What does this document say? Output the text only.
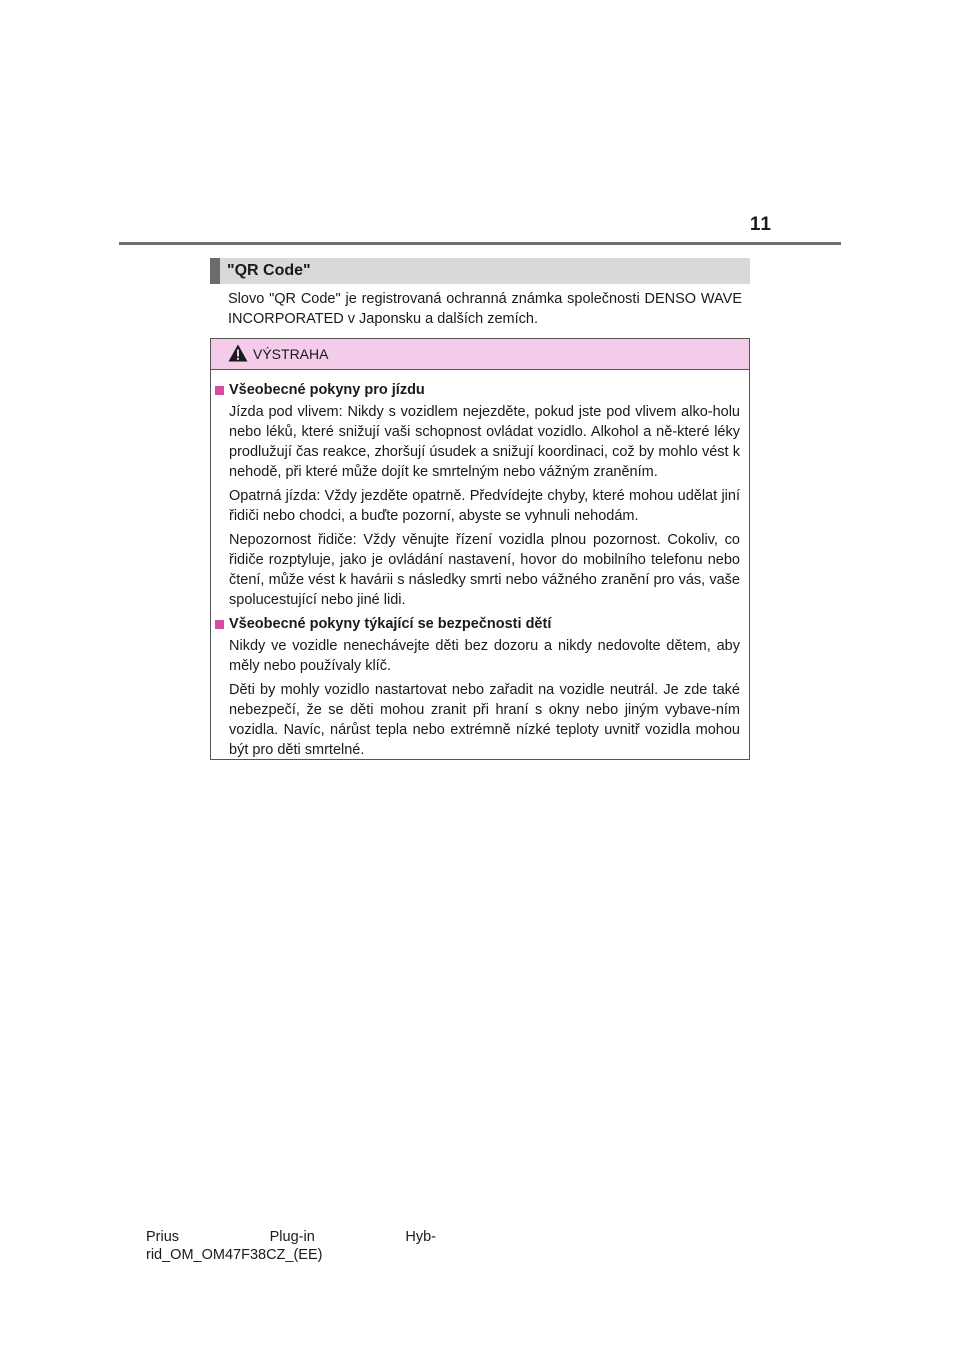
11
"QR Code"

Slovo "QR Code" je registrovaná ochranná známka společnosti DENSO WAVE INCORPORATED v Japonsku a dalších zemích.

VÝSTRAHA
Všeobecné pokyny pro jízdu

Jízda pod vlivem: Nikdy s vozidlem nejezděte, pokud jste pod vlivem alko-holu nebo léků, které snižují vaši schopnost ovládat vozidlo. Alkohol a ně-které léky prodlužují čas reakce, zhoršují úsudek a snižují koordinaci, což by mohlo vést k nehodě, při které může dojít ke smrtelným nebo vážným zraněním.

Opatrná jízda: Vždy jezděte opatrně. Předvídejte chyby, které mohou udělat jiní řidiči nebo chodci, a buďte pozorní, abyste se vyhnuli nehodám.

Nepozornost řidiče: Vždy věnujte řízení vozidla plnou pozornost. Cokoliv, co řidiče rozptyluje, jako je ovládání nastavení, hovor do mobilního telefonu nebo čtení, může vést k havárii s následky smrti nebo vážného zranění pro vás, vaše spolucestující nebo jiné lidi.

Všeobecné pokyny týkající se bezpečnosti dětí

Nikdy ve vozidle nenechávejte děti bez dozoru a nikdy nedovolte dětem, aby měly nebo používaly klíč.

Děti by mohly vozidlo nastartovat nebo zařadit na vozidle neutrál. Je zde také nebezpečí, že se děti mohou zranit při hraní s okny nebo jiným vybave-ním vozidla. Navíc, nárůst tepla nebo extrémně nízké teploty uvnitř vozidla mohou být pro děti smrtelné.

Prius	Plug-in	Hyb-
rid_OM_OM47F38CZ_(EE)
